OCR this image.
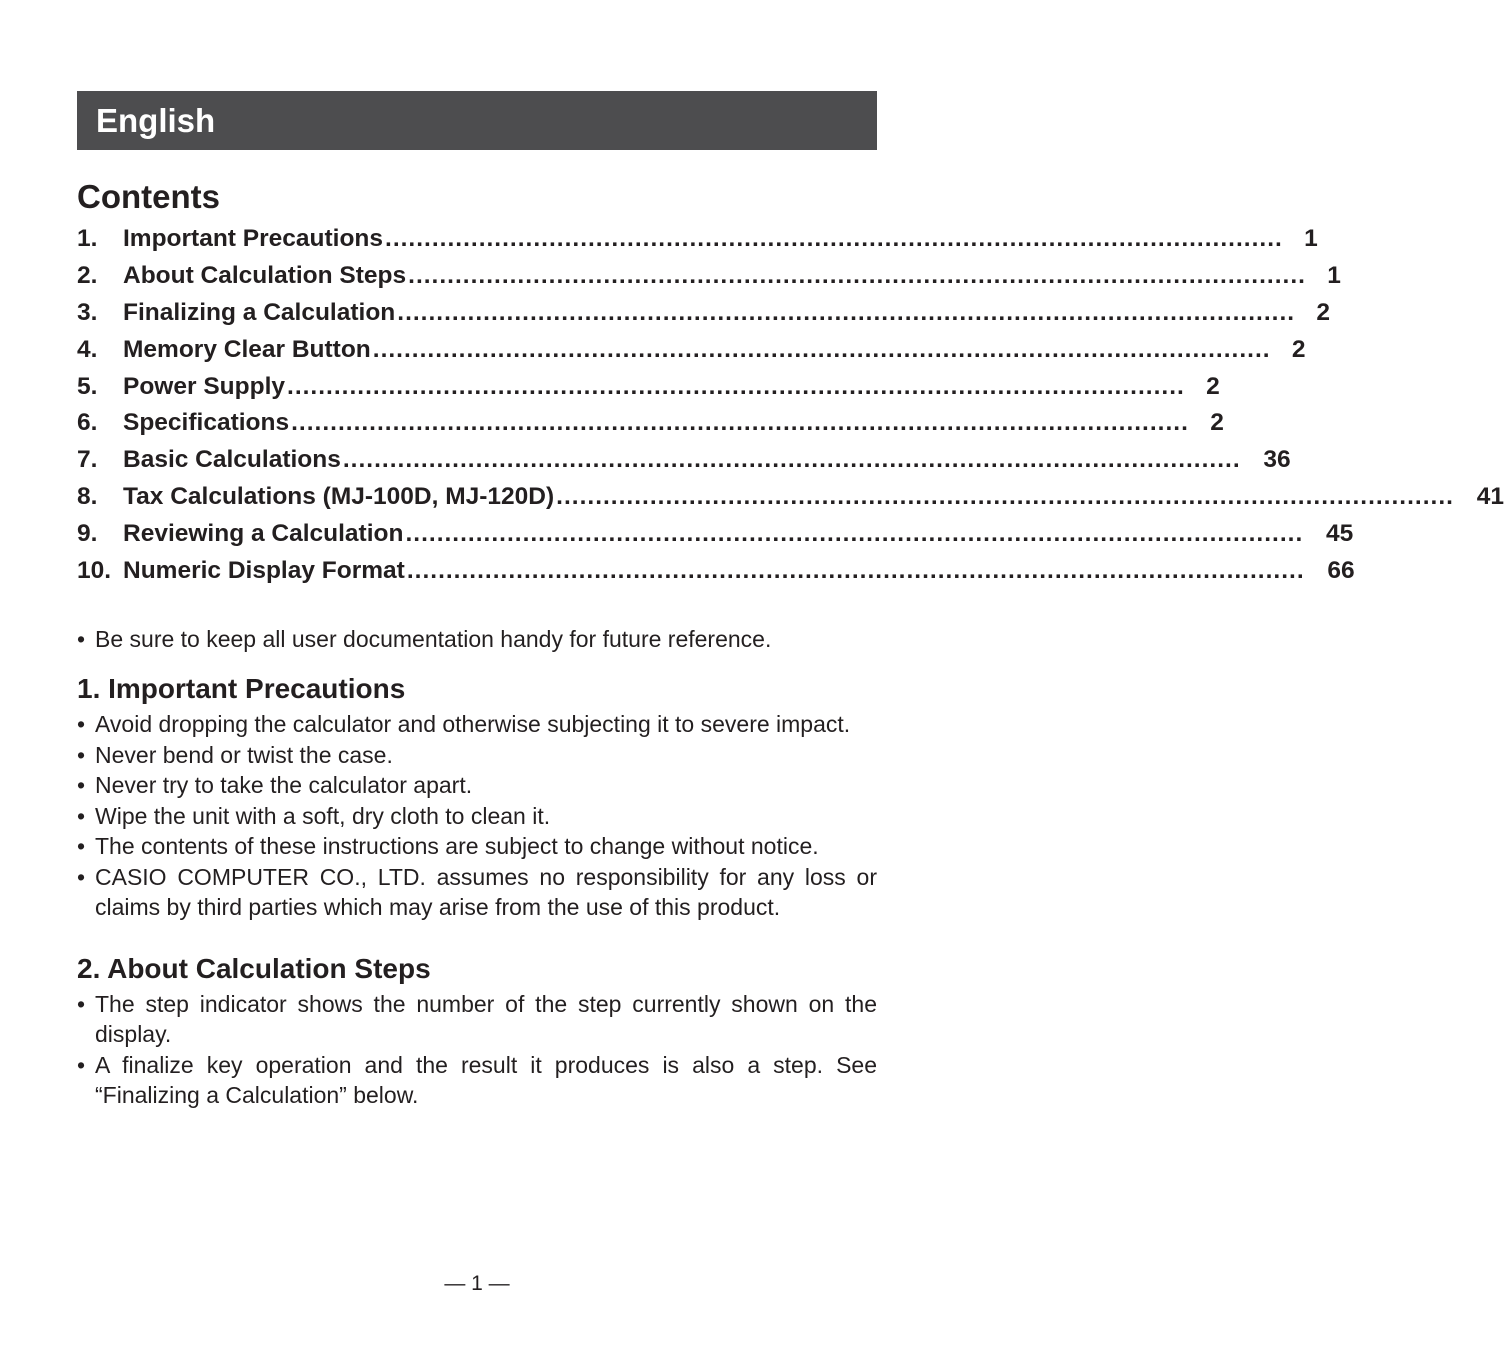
English
Contents
1.	Important Precautions ................................................................................................................... 1
2.	About Calculation Steps ................................................................................................................... 1
3.	Finalizing a Calculation ................................................................................................................... 2
4.	Memory Clear Button ................................................................................................................... 2
5.	Power Supply ................................................................................................................... 2
6.	Specifications ................................................................................................................... 2
7.	Basic Calculations ................................................................................................................... 36
8.	Tax Calculations (MJ-100D, MJ-120D) ................................................................................................................... 41
9.	Reviewing a Calculation ................................................................................................................... 45
10. Numeric Display Format ................................................................................................................... 66
• Be sure to keep all user documentation handy for future reference.
1. Important Precautions
• Avoid dropping the calculator and otherwise subjecting it to severe impact.
• Never bend or twist the case.
• Never try to take the calculator apart.
• Wipe the unit with a soft, dry cloth to clean it.
• The contents of these instructions are subject to change without notice.
• CASIO COMPUTER CO., LTD. assumes no responsibility for any loss or claims by third parties which may arise from the use of this product.
2. About Calculation Steps
• The step indicator shows the number of the step currently shown on the display.
• A finalize key operation and the result it produces is also a step. See “Finalizing a Calculation” below.
— 1 —
